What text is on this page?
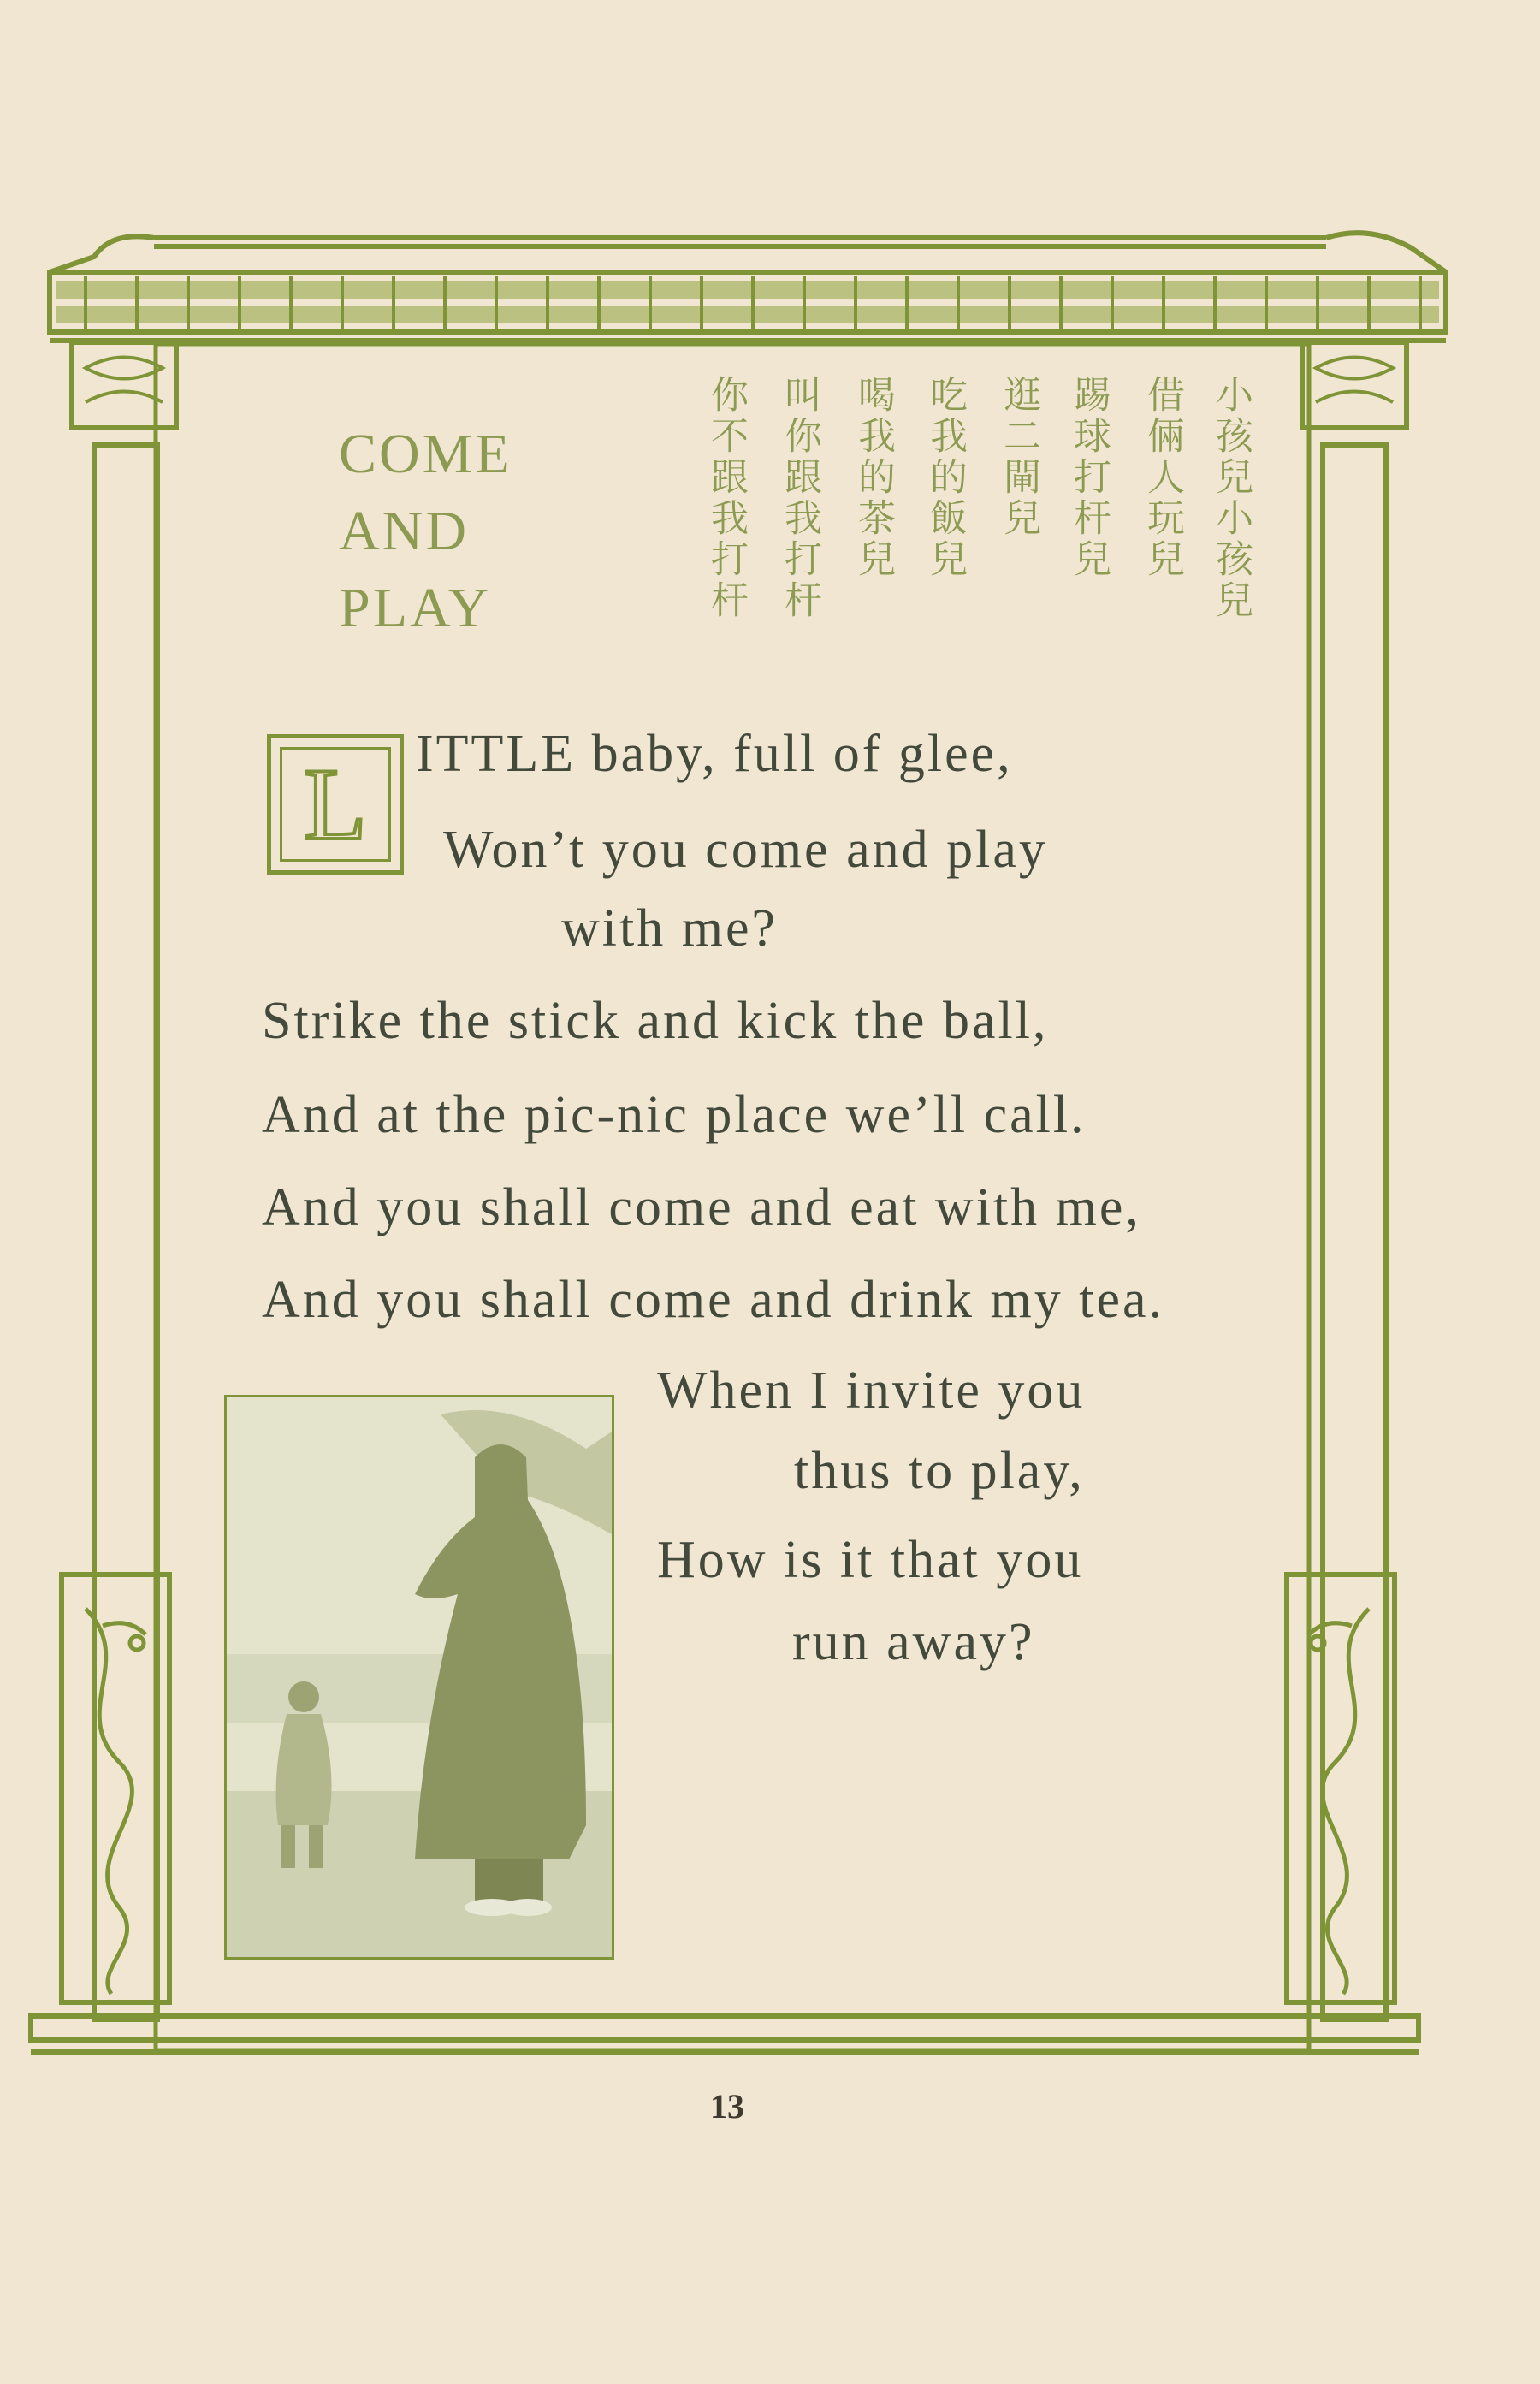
COME
AND
PLAY	小孩兒小孩兒
借倆人玩兒
踢球打杆兒
逛二閘兒
吃我的飯兒
喝我的茶兒
叫你跟我打杆
你不跟我打杆
L ITTLE baby, full of glee,
Won’t you come and play
with me?
Strike the stick and kick the ball,
And at the pic-nic place we’ll call.
And you shall come and eat with me,
And you shall come and drink my tea.
When I invite you
thus to play,
How is it that you
run away?
13
